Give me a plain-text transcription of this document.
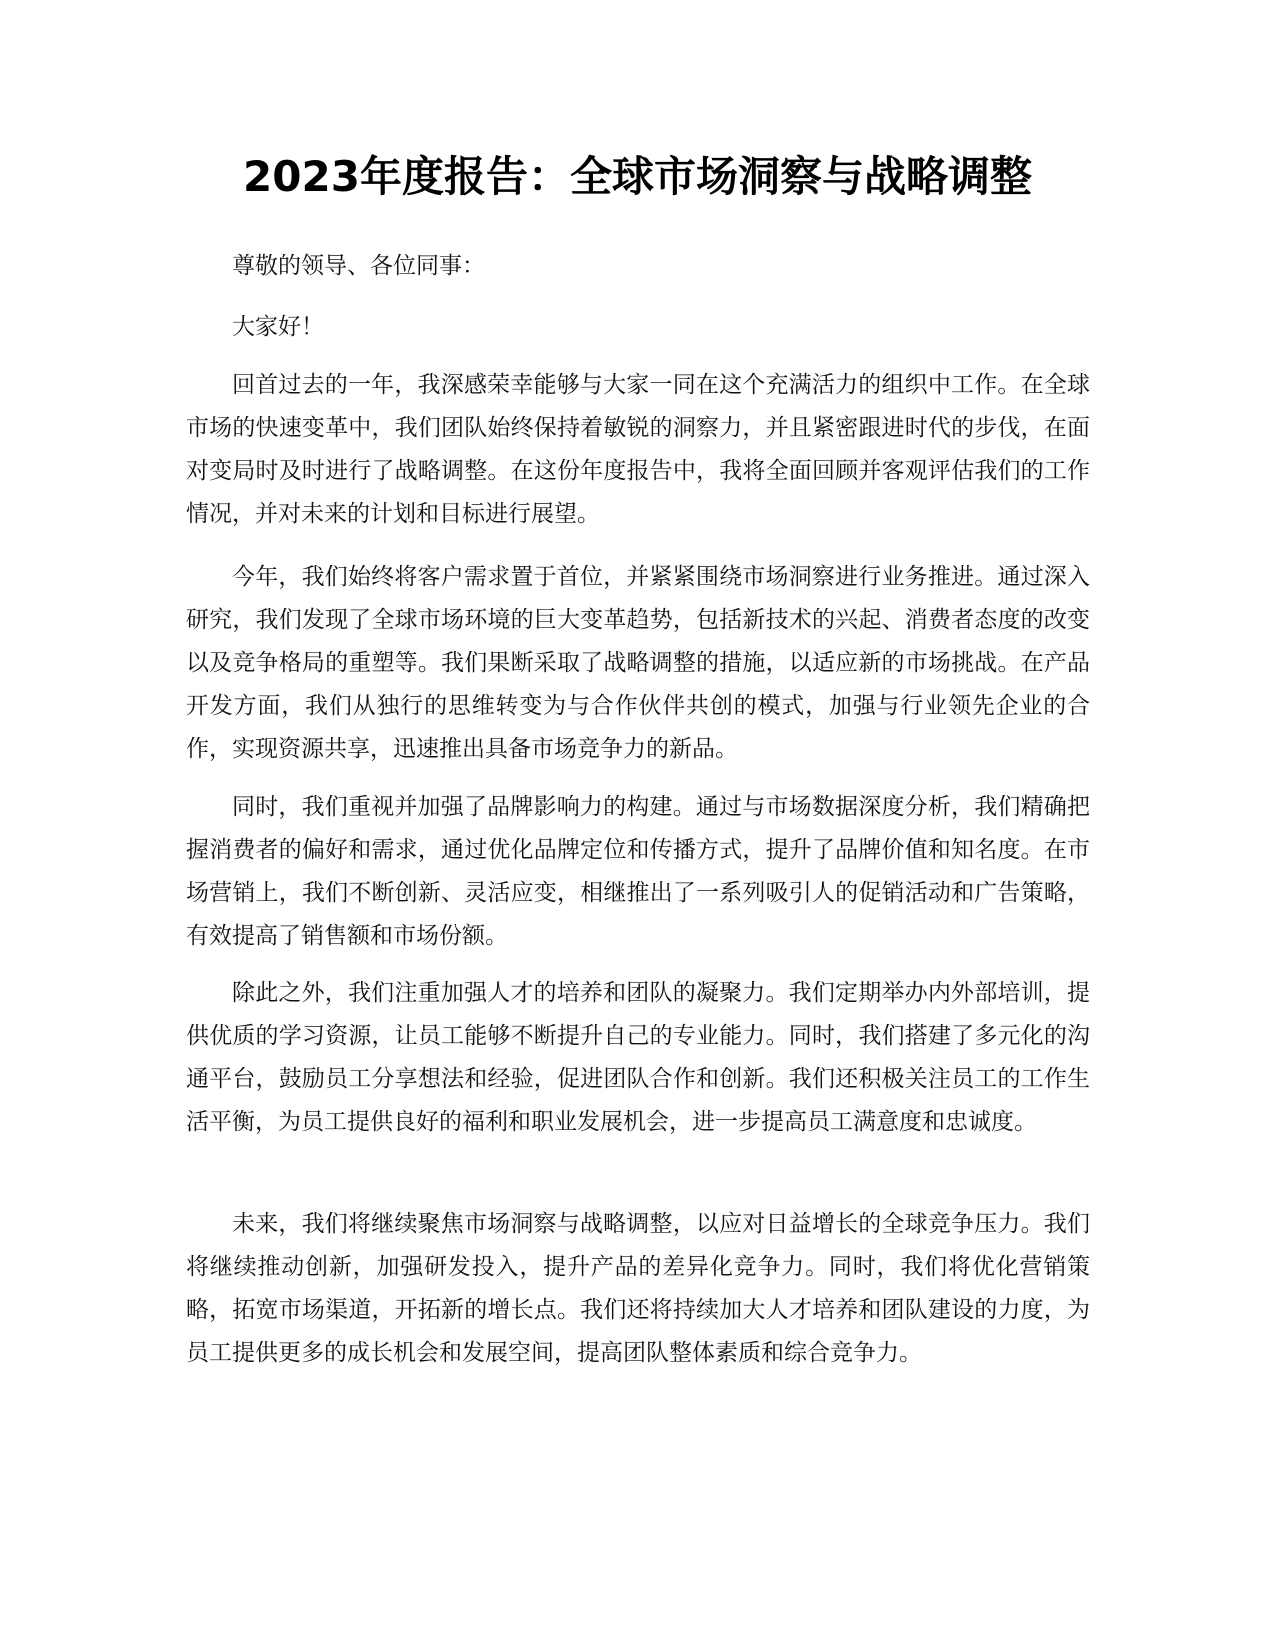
2023年度报告：全球市场洞察与战略调整

尊敬的领导、各位同事：

大家好！

回首过去的一年，我深感荣幸能够与大家一同在这个充满活力的组织中工作。在全球市场的快速变革中，我们团队始终保持着敏锐的洞察力，并且紧密跟进时代的步伐，在面对变局时及时进行了战略调整。在这份年度报告中，我将全面回顾并客观评估我们的工作情况，并对未来的计划和目标进行展望。

今年，我们始终将客户需求置于首位，并紧紧围绕市场洞察进行业务推进。通过深入研究，我们发现了全球市场环境的巨大变革趋势，包括新技术的兴起、消费者态度的改变以及竞争格局的重塑等。我们果断采取了战略调整的措施，以适应新的市场挑战。在产品开发方面，我们从独行的思维转变为与合作伙伴共创的模式，加强与行业领先企业的合作，实现资源共享，迅速推出具备市场竞争力的新品。

同时，我们重视并加强了品牌影响力的构建。通过与市场数据深度分析，我们精确把握消费者的偏好和需求，通过优化品牌定位和传播方式，提升了品牌价值和知名度。在市场营销上，我们不断创新、灵活应变，相继推出了一系列吸引人的促销活动和广告策略，有效提高了销售额和市场份额。

除此之外，我们注重加强人才的培养和团队的凝聚力。我们定期举办内外部培训，提供优质的学习资源，让员工能够不断提升自己的专业能力。同时，我们搭建了多元化的沟通平台，鼓励员工分享想法和经验，促进团队合作和创新。我们还积极关注员工的工作生活平衡，为员工提供良好的福利和职业发展机会，进一步提高员工满意度和忠诚度。

未来，我们将继续聚焦市场洞察与战略调整，以应对日益增长的全球竞争压力。我们将继续推动创新，加强研发投入，提升产品的差异化竞争力。同时，我们将优化营销策略，拓宽市场渠道，开拓新的增长点。我们还将持续加大人才培养和团队建设的力度，为员工提供更多的成长机会和发展空间，提高团队整体素质和综合竞争力。
